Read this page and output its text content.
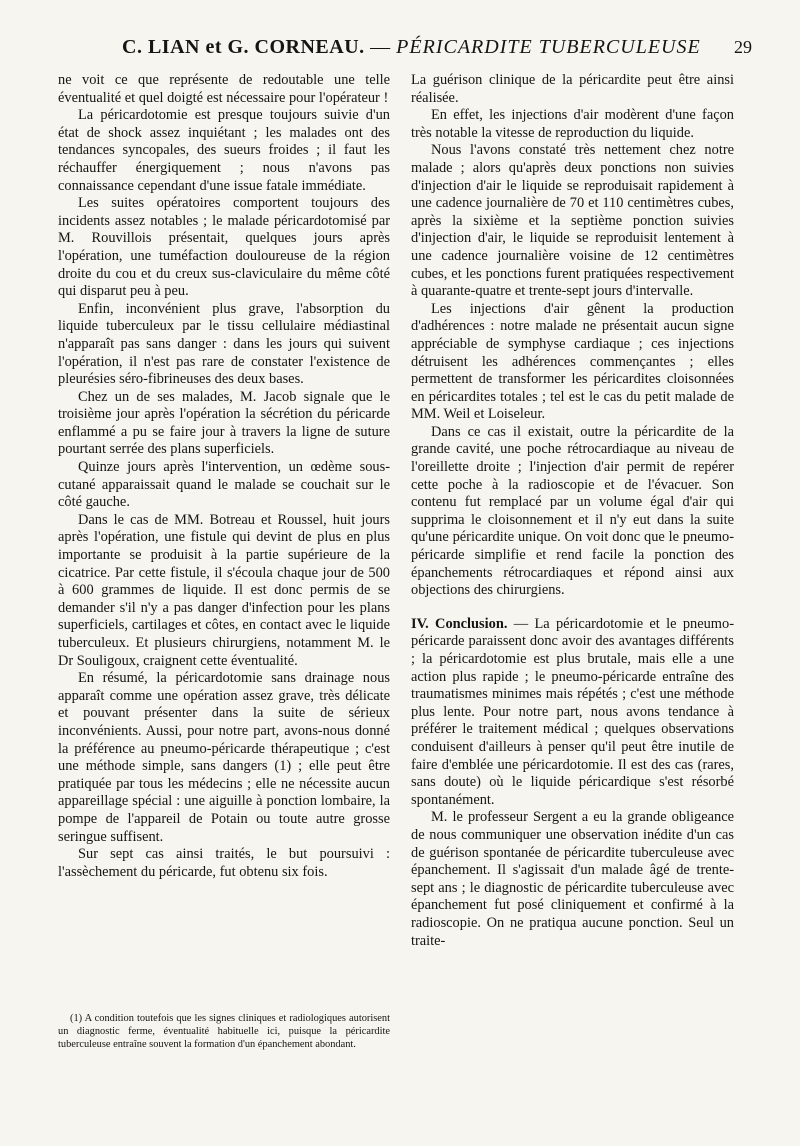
C. LIAN et G. CORNEAU. — PÉRICARDITE TUBERCULEUSE 29

ne voit ce que représente de redoutable une telle éventualité et quel doigté est nécessaire pour l'opérateur !

La péricardotomie est presque toujours suivie d'un état de shock assez inquiétant ; les malades ont des tendances syncopales, des sueurs froides ; il faut les réchauffer énergiquement ; nous n'avons pas connaissance cependant d'une issue fatale immédiate.

Les suites opératoires comportent toujours des incidents assez notables ; le malade péricardotomisé par M. Rouvillois présentait, quelques jours après l'opération, une tuméfaction douloureuse de la région droite du cou et du creux sus-claviculaire du même côté qui disparut peu à peu.

Enfin, inconvénient plus grave, l'absorption du liquide tuberculeux par le tissu cellulaire médiastinal n'apparaît pas sans danger : dans les jours qui suivent l'opération, il n'est pas rare de constater l'existence de pleurésies séro-fibrineuses des deux bases.

Chez un de ses malades, M. Jacob signale que le troisième jour après l'opération la sécrétion du péricarde enflammé a pu se faire jour à travers la ligne de suture pourtant serrée des plans superficiels.

Quinze jours après l'intervention, un œdème sous-cutané apparaissait quand le malade se couchait sur le côté gauche.

Dans le cas de MM. Botreau et Roussel, huit jours après l'opération, une fistule qui devint de plus en plus importante se produisit à la partie supérieure de la cicatrice. Par cette fistule, il s'écoula chaque jour de 500 à 600 grammes de liquide. Il est donc permis de se demander s'il n'y a pas danger d'infection pour les plans superficiels, cartilages et côtes, en contact avec le liquide tuberculeux. Et plusieurs chirurgiens, notamment M. le Dr Souligoux, craignent cette éventualité.

En résumé, la péricardotomie sans drainage nous apparaît comme une opération assez grave, très délicate et pouvant présenter dans la suite de sérieux inconvénients. Aussi, pour notre part, avons-nous donné la préférence au pneumo-péricarde thérapeutique ; c'est une méthode simple, sans dangers (1) ; elle peut être pratiquée par tous les médecins ; elle ne nécessite aucun appareillage spécial : une aiguille à ponction lombaire, la pompe de l'appareil de Potain ou toute autre grosse seringue suffisent.

Sur sept cas ainsi traités, le but poursuivi : l'assèchement du péricarde, fut obtenu six fois.

(1) A condition toutefois que les signes cliniques et radiologiques autorisent un diagnostic ferme, éventualité habituelle ici, puisque la péricardite tuberculeuse entraîne souvent la formation d'un épanchement abondant.

La guérison clinique de la péricardite peut être ainsi réalisée.

En effet, les injections d'air modèrent d'une façon très notable la vitesse de reproduction du liquide.

Nous l'avons constaté très nettement chez notre malade ; alors qu'après deux ponctions non suivies d'injection d'air le liquide se reproduisait rapidement à une cadence journalière de 70 et 110 centimètres cubes, après la sixième et la septième ponction suivies d'injection d'air, le liquide se reproduisit lentement à une cadence journalière voisine de 12 centimètres cubes, et les ponctions furent pratiquées respectivement à quarante-quatre et trente-sept jours d'intervalle.

Les injections d'air gênent la production d'adhérences : notre malade ne présentait aucun signe appréciable de symphyse cardiaque ; ces injections détruisent les adhérences commençantes ; elles permettent de transformer les péricardites cloisonnées en péricardites totales ; tel est le cas du petit malade de MM. Weil et Loiseleur.

Dans ce cas il existait, outre la péricardite de la grande cavité, une poche rétrocardiaque au niveau de l'oreillette droite ; l'injection d'air permit de repérer cette poche à la radioscopie et de l'évacuer. Son contenu fut remplacé par un volume égal d'air qui supprima le cloisonnement et il n'y eut dans la suite qu'une péricardite unique. On voit donc que le pneumo-péricarde simplifie et rend facile la ponction des épanchements rétrocardiaques et répond ainsi aux objections des chirurgiens.

IV. Conclusion. — La péricardotomie et le pneumo-péricarde paraissent donc avoir des avantages différents ; la péricardotomie est plus brutale, mais elle a une action plus rapide ; le pneumo-péricarde entraîne des traumatismes minimes mais répétés ; c'est une méthode plus lente. Pour notre part, nous avons tendance à préférer le traitement médical ; quelques observations conduisent d'ailleurs à penser qu'il peut être inutile de faire d'emblée une péricardotomie. Il est des cas (rares, sans doute) où le liquide péricardique s'est résorbé spontanément.

M. le professeur Sergent a eu la grande obligeance de nous communiquer une observation inédite d'un cas de guérison spontanée de péricardite tuberculeuse avec épanchement. Il s'agissait d'un malade âgé de trente-sept ans ; le diagnostic de péricardite tuberculeuse avec épanchement fut posé cliniquement et confirmé à la radioscopie. On ne pratiqua aucune ponction. Seul un traite-
